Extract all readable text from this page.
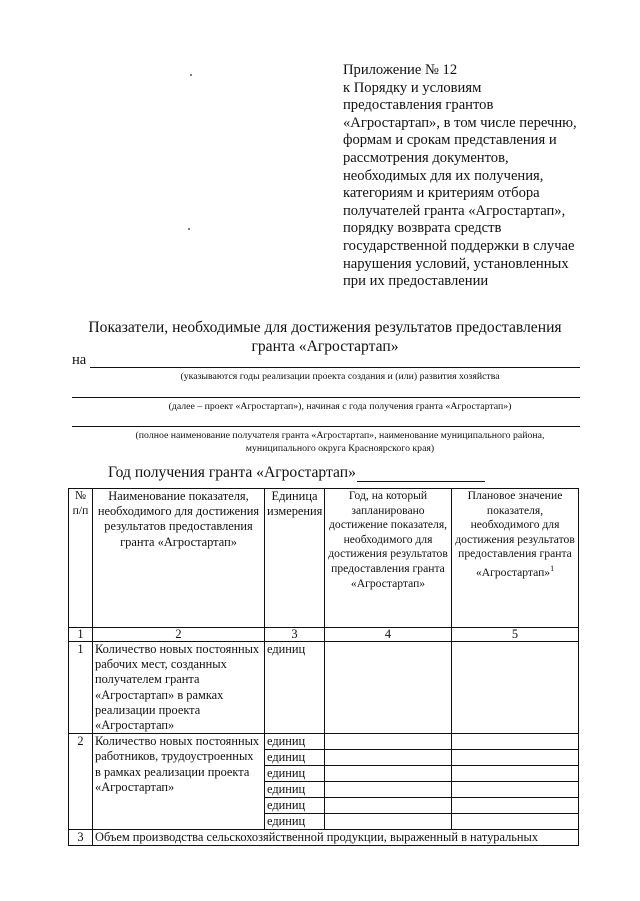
Приложение № 12
к Порядку и условиям
предоставления грантов
«Агростартап», в том числе перечню,
формам и срокам представления и
рассмотрения документов,
необходимых для их получения,
категориям и критериям отбора
получателей гранта «Агростартап»,
порядку возврата средств
государственной поддержки в случае
нарушения условий, установленных
при их предоставлении
Показатели, необходимые для достижения результатов предоставления
гранта «Агростартап»
на
(указываются годы реализации проекта создания и (или) развития хозяйства
(далее – проект «Агростартап»), начиная с года получения гранта «Агростартап»)
(полное наименование получателя гранта «Агростартап», наименование муниципального района,
муниципального округа Красноярского края)
Год получения гранта «Агростартап»
№ п/п	Наименование показателя, необходимого для достижения результатов предоставления гранта «Агростартап»	Единица измерения	Год, на который запланировано достижение показателя, необходимого для достижения результатов предоставления гранта «Агростартап»	Плановое значение показателя, необходимого для достижения результатов предоставления гранта «Агростартап»$^1$
1	2	3	4	5
1	Количество новых постоянных рабочих мест, созданных получателем гранта «Агростартап» в рамках реализации проекта «Агростартап»	единиц		
2	Количество новых постоянных работников, трудоустроенных в рамках реализации проекта «Агростартап»	единиц		
		единиц		
		единиц		
		единиц		
		единиц		
		единиц		
3	Объем производства сельскохозяйственной продукции, выраженный в натуральных			
